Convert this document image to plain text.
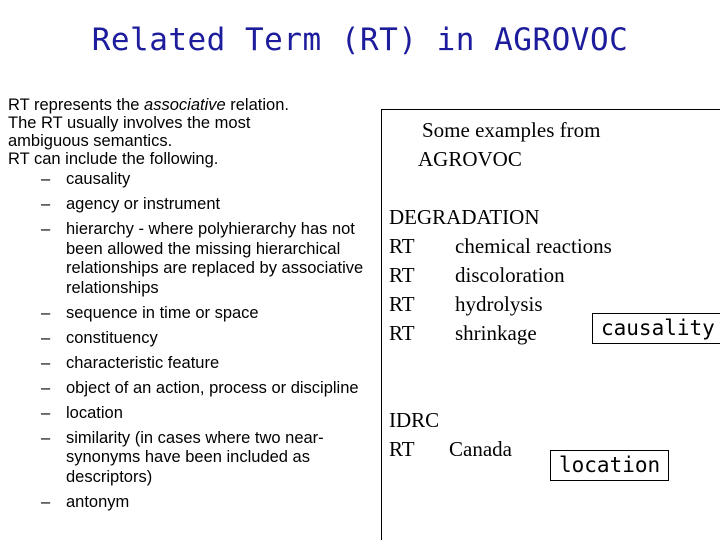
Related Term (RT) in AGROVOC

RT represents the associative relation.

The RT usually involves the most

ambiguous semantics.

RT can include the following.

– causality
– agency or instrument
– hierarchy - where polyhierarchy has not been allowed the missing hierarchical relationships are replaced by associative relationships
– sequence in time or space
– constituency
– characteristic feature
– object of an action, process or discipline
– location
– similarity (in cases where two near-synonyms have been included as descriptors)
– antonym
Some examples from
AGROVOC
DEGRADATION
RT	chemical reactions
RT	discoloration
RT	hydrolysis
RT	shrinkage
IDRC
RT	Canada
causality
location
